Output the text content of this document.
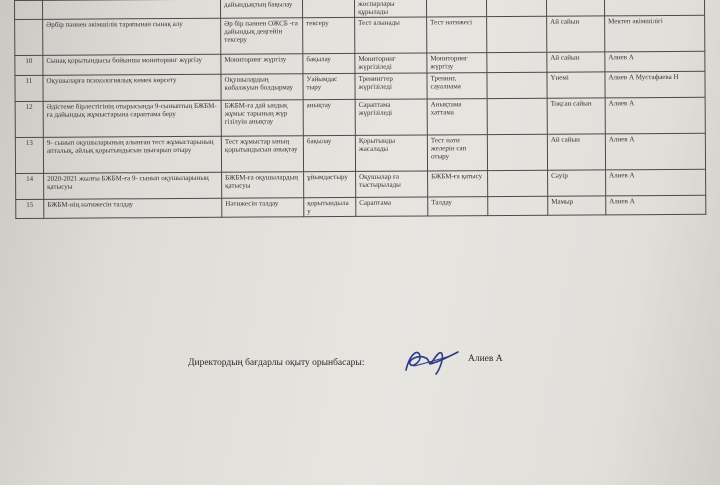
		дайындықтың бақылау		жоспарлары құрылады				
	Әрбір пәннен әкімшілік тарапынан сынақ алу	Әр бір пәннен ОЖСБ -га дайындық деңгейін тексеру	тексеру	Тест алынады	Тест нәтижесі		Ай сайын	Мектеп әкімшілігі
10	Сынақ қорытындысы бойынша мониторинг жүргізу	Мониторинг жүргізу	бақылау	Мониторинг жүргізіледі	Мониторинг жүргізу		Ай сайын	Алиев А
11	Оқушыларға психологиялық көмек көрсету	Оқушылардың көбалжуын болдырмау	Уайымдас тыру	Тренингтер жүргізіледі	Тренинг, сауалнама		Үнемі	Алиев А Мустафаева Н
12	Әдістеме бірлестігінің отырысында 9-сыныптың БЖБМ-ға дайындық жұмыстарына сараптама беру	БЖБМ-ға дай ындық жұмыс тарының жүр гізілуін анықтау	анықтау	Сараптама жүргізіледі	Анықтама хаттама		Тоқсан сайын	Алиев А
13	9- сынып оқушыларының алынған тест жұмыстарының апталық, айлық қорытындысын шығарып отыру	Тест жұмыстар ының қорытындысын анықтау	бақылау	Қорытынды жасалады	Тест нәти желерін сап отыру		Ай сайын	Алиев А
14	2020-2021 жылғы БЖБМ-ға 9- сынып оқушыларының қатысуы	БЖБМ-ға оқушылардың қатысуы	ұйымдастыру	Оқушылар ға тыстырылады	БЖБМ-ға қатысу		Сәуір	Алиев А
15	БЖБМ-нің нәтижесін талдау	Нәтижесін талдау	қорытындыла у	Сараптама	Талдау		Мамыр	Алиев А
Директордың бағдарлы оқыту орынбасары:	Алиев А
